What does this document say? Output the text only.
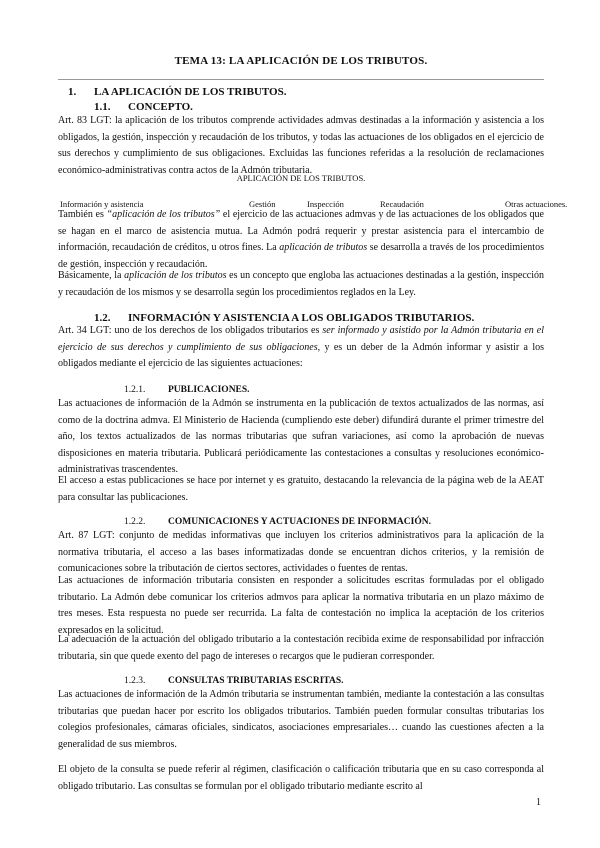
TEMA 13: LA APLICACIÓN DE LOS TRIBUTOS.
1. LA APLICACIÓN DE LOS TRIBUTOS.
1.1. CONCEPTO.
Art. 83 LGT: la aplicación de los tributos comprende actividades admvas destinadas a la información y asistencia a los obligados, la gestión, inspección y recaudación de los tributos, y todas las actuaciones de los obligados en el ejercicio de sus derechos y cumplimiento de sus obligaciones. Excluidas las funciones referidas a la resolución de reclamaciones económico-administrativas contra actos de la Admón tributaria.
APLICACIÓN DE LOS TRIBUTOS.
Información y asistencia	Gestión	Inspección	Recaudación	Otras actuaciones.
También es “aplicación de los tributos” el ejercicio de las actuaciones admvas y de las actuaciones de los obligados que se hagan en el marco de asistencia mutua. La Admón podrá requerir y prestar asistencia para el intercambio de información, recaudación de créditos, u otros fines. La aplicación de tributos se desarrolla a través de los procedimientos de gestión, inspección y recaudación.
Básicamente, la aplicación de los tributos es un concepto que engloba las actuaciones destinadas a la gestión, inspección y recaudación de los mismos y se desarrolla según los procedimientos reglados en la Ley.
1.2. INFORMACIÓN Y ASISTENCIA A LOS OBLIGADOS TRIBUTARIOS.
Art. 34 LGT: uno de los derechos de los obligados tributarios es ser informado y asistido por la Admón tributaria en el ejercicio de sus derechos y cumplimiento de sus obligaciones, y es un deber de la Admón informar y asistir a los obligados mediante el ejercicio de las siguientes actuaciones:
1.2.1. PUBLICACIONES.
Las actuaciones de información de la Admón se instrumenta en la publicación de textos actualizados de las normas, así como de la doctrina admva. El Ministerio de Hacienda (cumpliendo este deber) difundirá durante el primer trimestre del año, los textos actualizados de las normas tributarias que sufran variaciones, así como la aprobación de nuevas disposiciones en materia tributaria. Publicará periódicamente las contestaciones a consultas y resoluciones económico-administrativas trascendentes.
El acceso a estas publicaciones se hace por internet y es gratuito, destacando la relevancia de la página web de la AEAT para consultar las publicaciones.
1.2.2. COMUNICACIONES Y ACTUACIONES DE INFORMACIÓN.
Art. 87 LGT: conjunto de medidas informativas que incluyen los criterios administrativos para la aplicación de la normativa tributaria, el acceso a las bases informatizadas donde se encuentran dichos criterios, y la remisión de comunicaciones sobre la tributación de ciertos sectores, actividades o fuentes de rentas.
Las actuaciones de información tributaria consisten en responder a solicitudes escritas formuladas por el obligado tributario. La Admón debe comunicar los criterios admvos para aplicar la normativa tributaria en un plazo máximo de tres meses. Esta respuesta no puede ser recurrida. La falta de contestación no implica la aceptación de los criterios expresados en la solicitud.
La adecuación de la actuación del obligado tributario a la contestación recibida exime de responsabilidad por infracción tributaria, sin que quede exento del pago de intereses o recargos que le pudieran corresponder.
1.2.3. CONSULTAS TRIBUTARIAS ESCRITAS.
Las actuaciones de información de la Admón tributaria se instrumentan también, mediante la contestación a las consultas tributarias que puedan hacer por escrito los obligados tributarios. También pueden formular consultas tributarias los colegios profesionales, cámaras oficiales, sindicatos, asociaciones empresariales… cuando las cuestiones afecten a la generalidad de sus miembros.
El objeto de la consulta se puede referir al régimen, clasificación o calificación tributaria que en su caso corresponda al obligado tributario. Las consultas se formulan por el obligado tributario mediante escrito al
1
